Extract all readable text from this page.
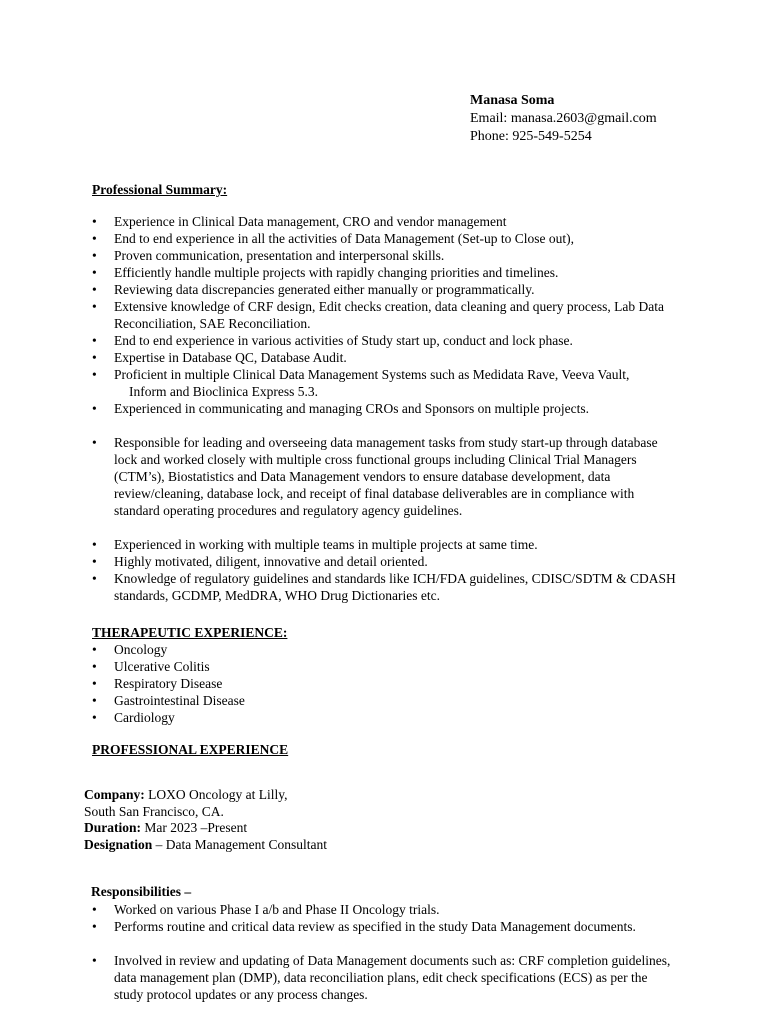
Manasa Soma
Email: manasa.2603@gmail.com
Phone: 925-549-5254
Professional Summary:
• Experience in Clinical Data management, CRO and vendor management
• End to end experience in all the activities of Data Management (Set-up to Close out),
• Proven communication, presentation and interpersonal skills.
• Efficiently handle multiple projects with rapidly changing priorities and timelines.
• Reviewing data discrepancies generated either manually or programmatically.
• Extensive knowledge of CRF design, Edit checks creation, data cleaning and query process, Lab Data Reconciliation, SAE Reconciliation.
• End to end experience in various activities of Study start up, conduct and lock phase.
• Expertise in Database QC, Database Audit.
• Proficient in multiple Clinical Data Management Systems such as Medidata Rave, Veeva Vault,
Inform and Bioclinica Express 5.3.
• Experienced in communicating and managing CROs and Sponsors on multiple projects.
• Responsible for leading and overseeing data management tasks from study start-up through database lock and worked closely with multiple cross functional groups including Clinical Trial Managers (CTM’s), Biostatistics and Data Management vendors to ensure database development, data review/cleaning, database lock, and receipt of final database deliverables are in compliance with standard operating procedures and regulatory agency guidelines.
• Experienced in working with multiple teams in multiple projects at same time.
• Highly motivated, diligent, innovative and detail oriented.
• Knowledge of regulatory guidelines and standards like ICH/FDA guidelines, CDISC/SDTM & CDASH standards, GCDMP, MedDRA, WHO Drug Dictionaries etc.
THERAPEUTIC EXPERIENCE:
• Oncology
• Ulcerative Colitis
• Respiratory Disease
• Gastrointestinal Disease
• Cardiology
PROFESSIONAL EXPERIENCE
Company: LOXO Oncology at Lilly,
South San Francisco, CA.
Duration: Mar 2023 –Present
Designation – Data Management Consultant
Responsibilities –
• Worked on various Phase I a/b and Phase II Oncology trials.
• Performs routine and critical data review as specified in the study Data Management documents.
• Involved in review and updating of Data Management documents such as: CRF completion guidelines, data management plan (DMP), data reconciliation plans, edit check specifications (ECS) as per the study protocol updates or any process changes.
